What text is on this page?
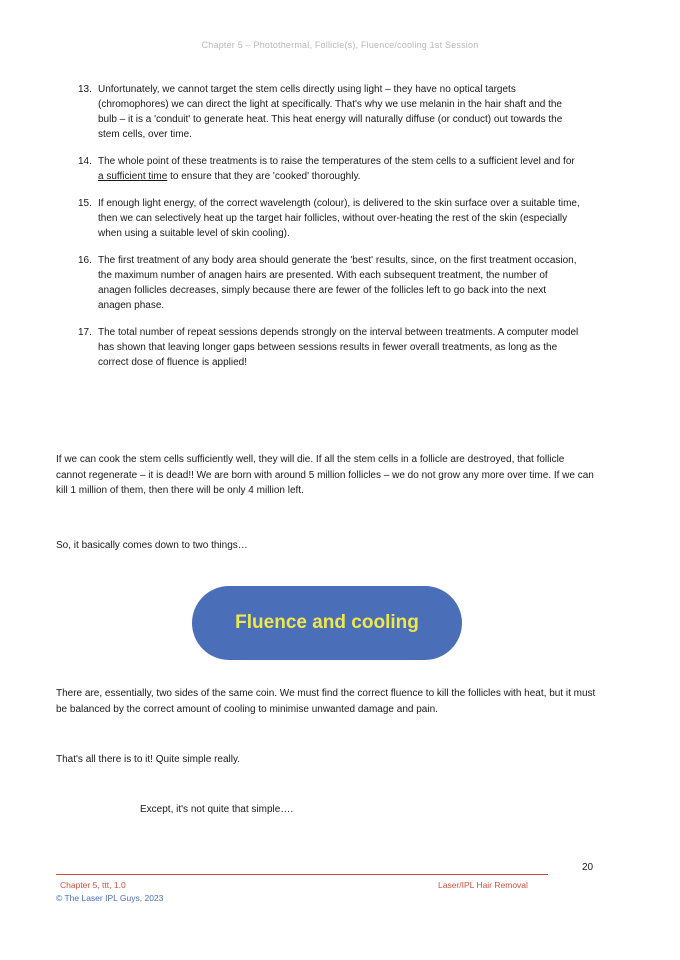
Chapter 5 – Photothermal, Follicle(s), Fluence/cooling 1st Session
13. Unfortunately, we cannot target the stem cells directly using light – they have no optical targets (chromophores) we can direct the light at specifically. That's why we use melanin in the hair shaft and the bulb – it is a 'conduit' to generate heat. This heat energy will naturally diffuse (or conduct) out towards the stem cells, over time.
14. The whole point of these treatments is to raise the temperatures of the stem cells to a sufficient level and for a sufficient time to ensure that they are 'cooked' thoroughly.
15. If enough light energy, of the correct wavelength (colour), is delivered to the skin surface over a suitable time, then we can selectively heat up the target hair follicles, without over-heating the rest of the skin (especially when using a suitable level of skin cooling).
16. The first treatment of any body area should generate the 'best' results, since, on the first treatment occasion, the maximum number of anagen hairs are presented. With each subsequent treatment, the number of anagen follicles decreases, simply because there are fewer of the follicles left to go back into the next anagen phase.
17. The total number of repeat sessions depends strongly on the interval between treatments. A computer model has shown that leaving longer gaps between sessions results in fewer overall treatments, as long as the correct dose of fluence is applied!

If we can cook the stem cells sufficiently well, they will die. If all the stem cells in a follicle are destroyed, that follicle cannot regenerate – it is dead!! We are born with around 5 million follicles – we do not grow any more over time. If we can kill 1 million of them, then there will be only 4 million left.

So, it basically comes down to two things…

Fluence and cooling

There are, essentially, two sides of the same coin. We must find the correct fluence to kill the follicles with heat, but it must be balanced by the correct amount of cooling to minimise unwanted damage and pain.

That's all there is to it! Quite simple really.

Except, it's not quite that simple….

20
Chapter 5, ttt, 1.0	Laser/IPL Hair Removal
© The Laser IPL Guys, 2023
